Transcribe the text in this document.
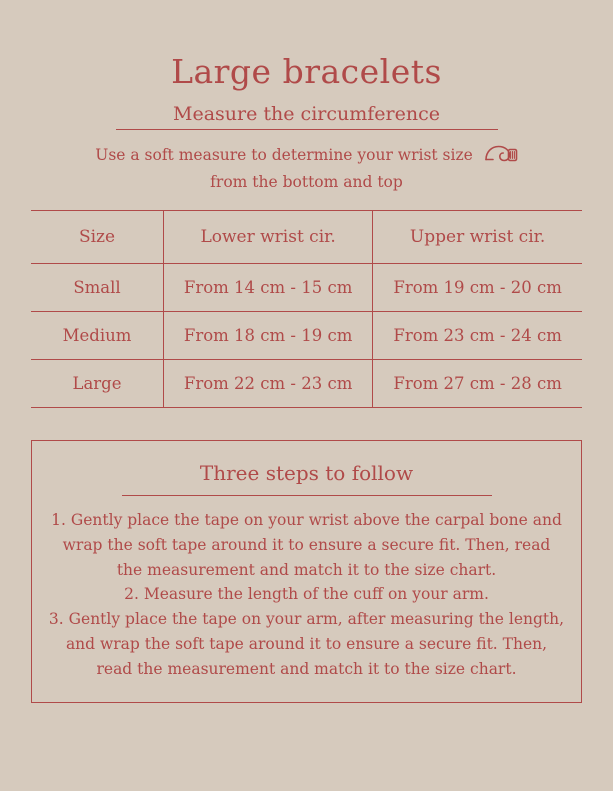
Large bracelets
Measure the circumference
Use a soft measure to determine your wrist size
from the bottom and top
Size	Lower wrist cir.	Upper wrist cir.
Small	From 14 cm - 15 cm	From 19 cm - 20 cm
Medium	From 18 cm - 19 cm	From 23 cm - 24 cm
Large	From 22 cm - 23 cm	From 27 cm - 28 cm
Three steps to follow
1. Gently place the tape on your wrist above the carpal bone and wrap the soft tape around it to ensure a secure fit. Then, read the measurement and match it to the size chart.
2. Measure the length of the cuff on your arm.
3. Gently place the tape on your arm, after measuring the length, and wrap the soft tape around it to ensure a secure fit. Then, read the measurement and match it to the size chart.
